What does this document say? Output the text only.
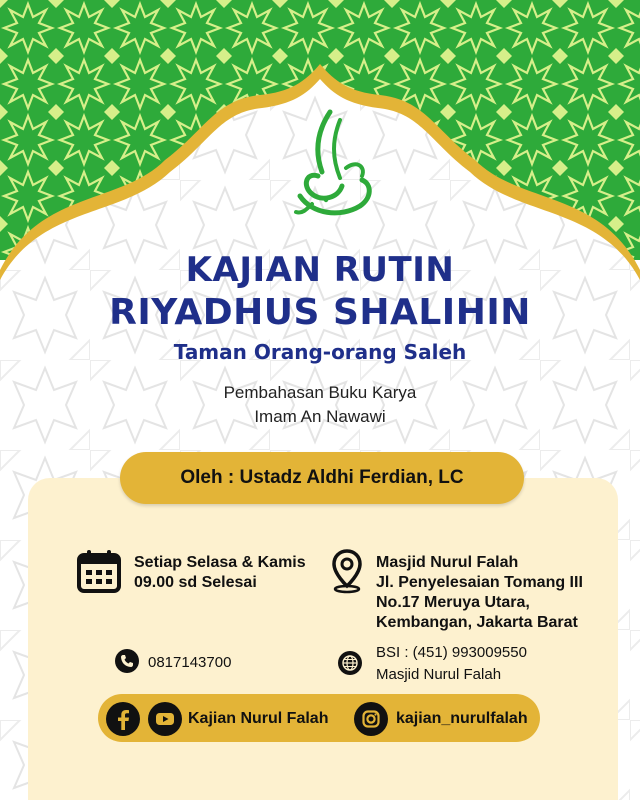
KAJIAN RUTIN
RIYADHUS SHALIHIN
Taman Orang-orang Saleh
Pembahasan Buku Karya
Imam An Nawawi
Oleh : Ustadz Aldhi Ferdian, LC
Setiap Selasa & Kamis
09.00 sd Selesai
Masjid Nurul Falah
Jl. Penyelesaian Tomang III
No.17 Meruya Utara,
Kembangan, Jakarta Barat
0817143700
BSI : (451) 993009550
Masjid Nurul Falah
Kajian Nurul Falah	kajian_nurulfalah
